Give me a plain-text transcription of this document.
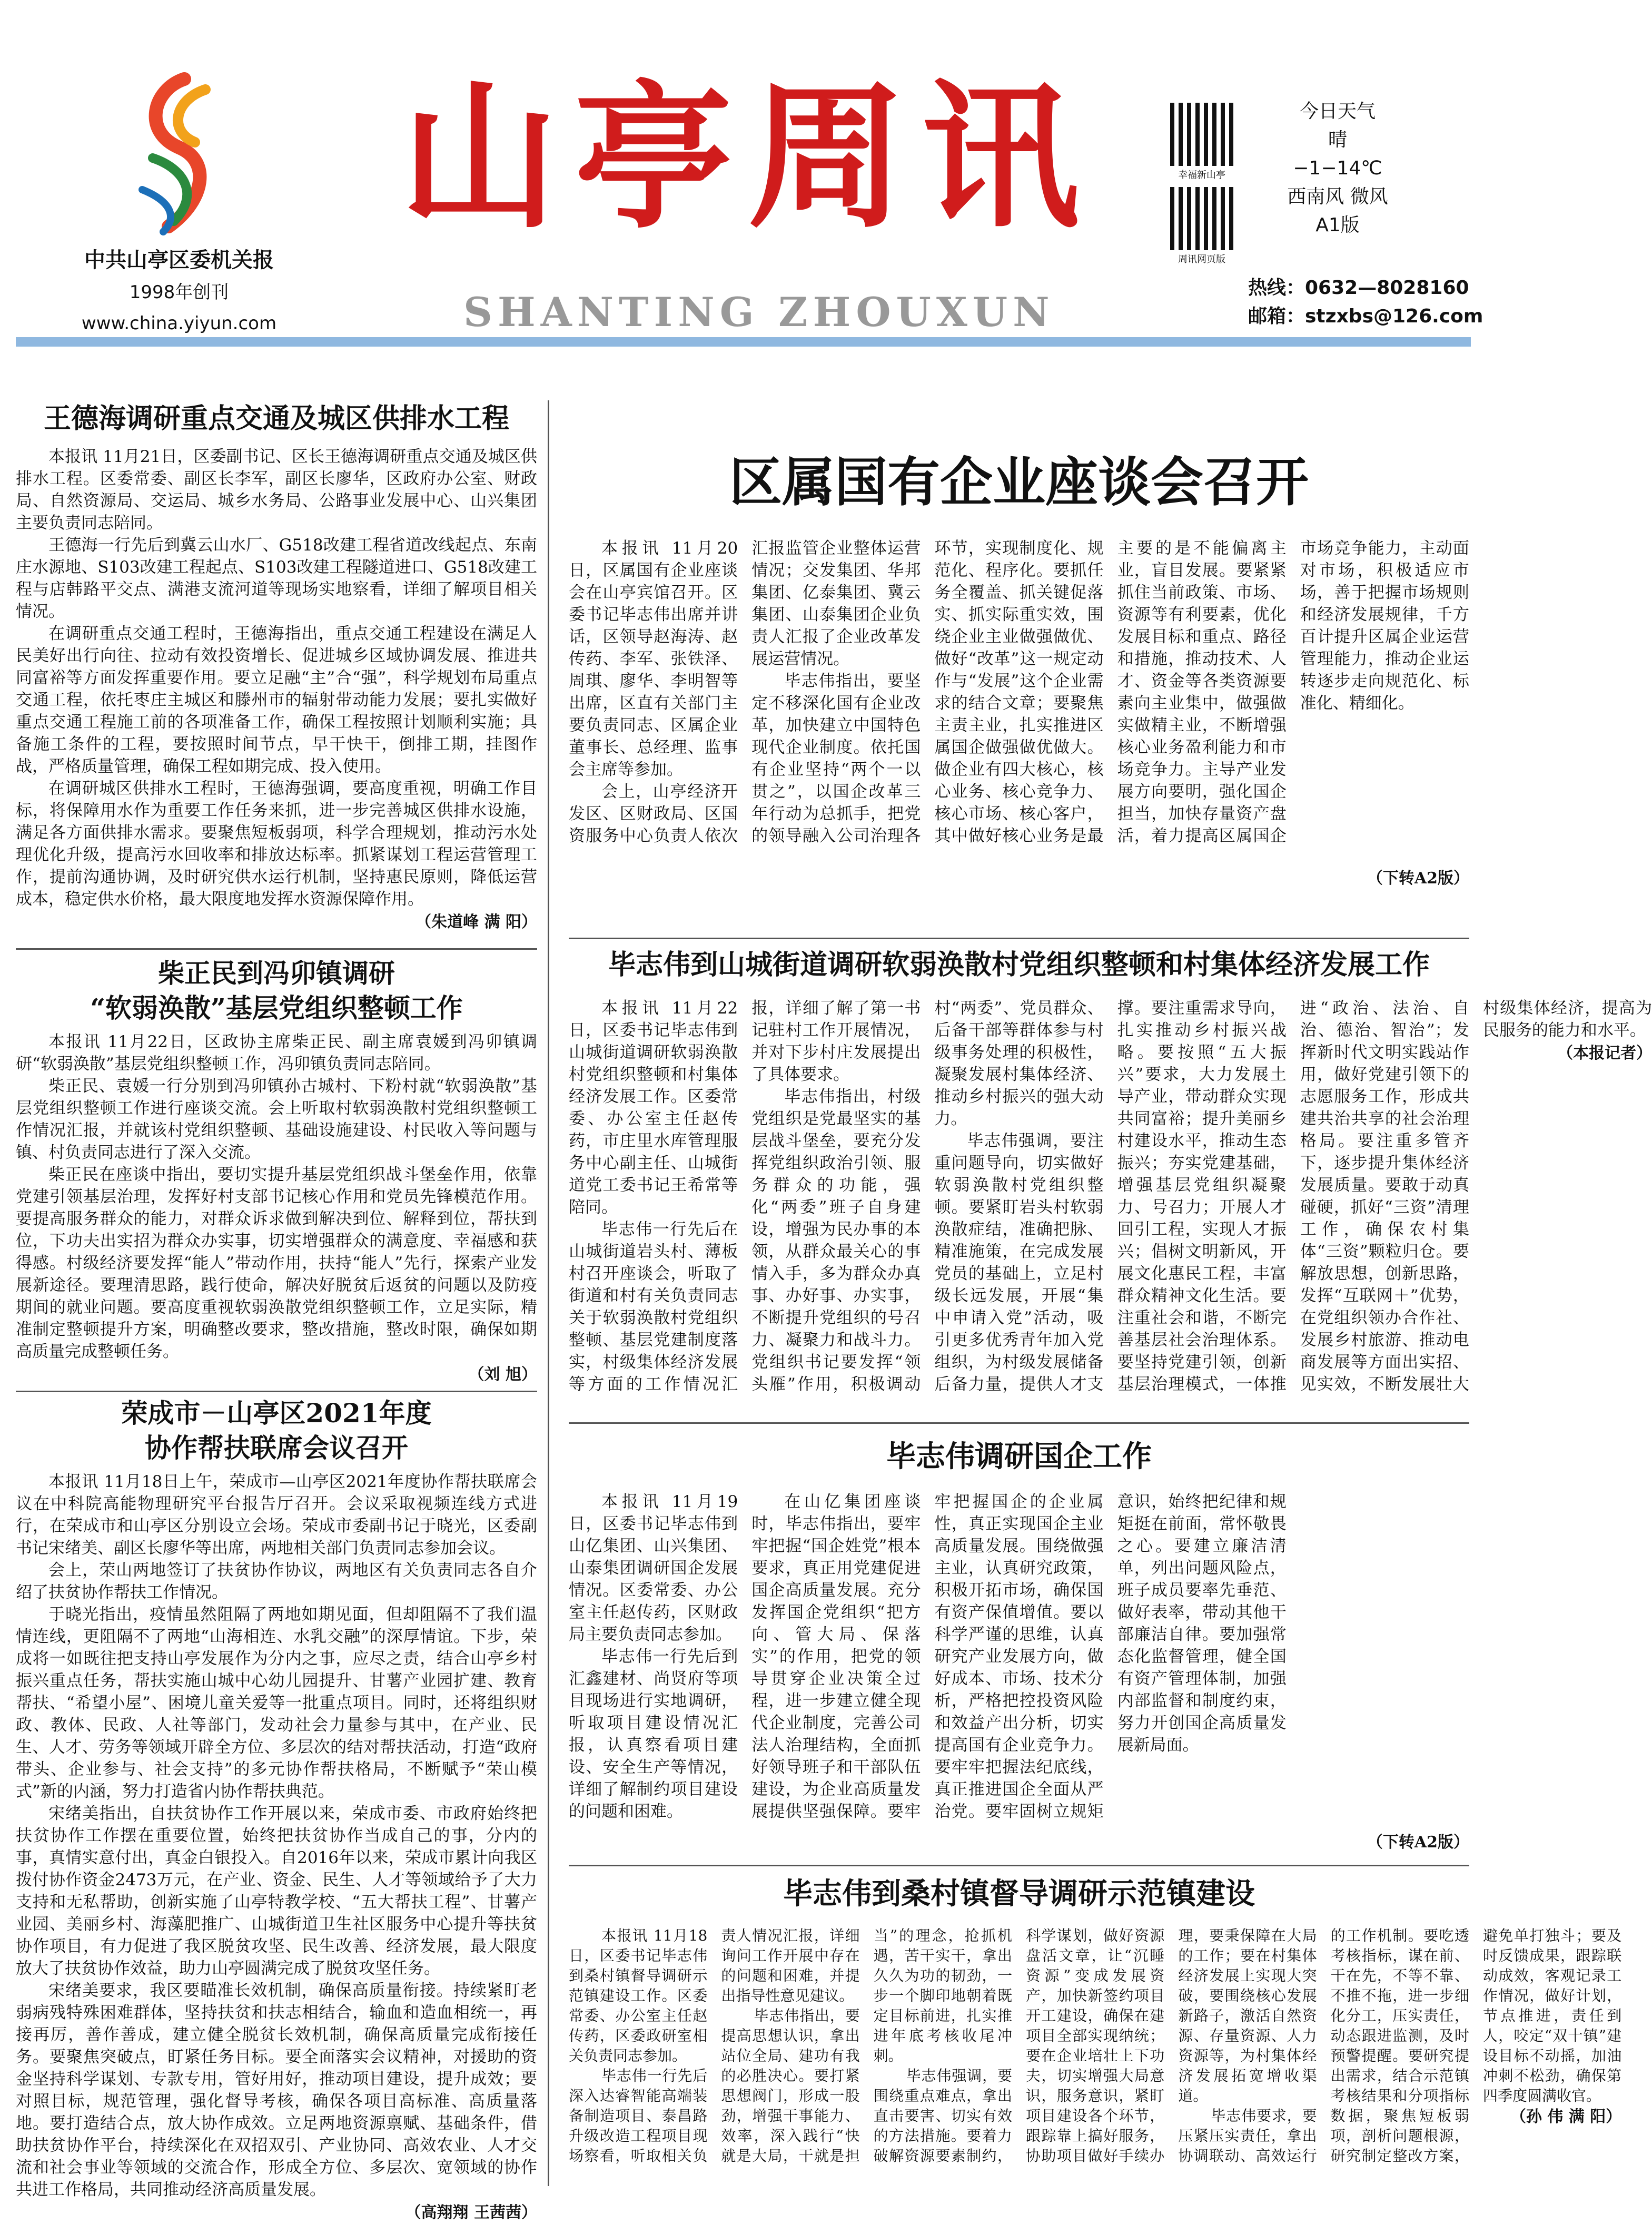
中共山亭区委机关报
1998年创刊
www.china.yiyun.com
山亭周讯
SHANTING ZHOUXUN
幸福新山亭
周讯网页版
今日天气
晴
−1−14℃
西南风 微风
A1版
热线：0632—8028160
邮箱：stzxbs@126.com
王德海调研重点交通及城区供排水工程

本报讯 11月21日，区委副书记、区长王德海调研重点交通及城区供排水工程。区委常委、副区长李军，副区长廖华，区政府办公室、财政局、自然资源局、交运局、城乡水务局、公路事业发展中心、山兴集团主要负责同志陪同。

王德海一行先后到冀云山水厂、G518改建工程省道改线起点、东南庄水源地、S103改建工程起点、S103改建工程隧道进口、G518改建工程与店韩路平交点、满港支流河道等现场实地察看，详细了解项目相关情况。

在调研重点交通工程时，王德海指出，重点交通工程建设在满足人民美好出行向往、拉动有效投资增长、促进城乡区域协调发展、推进共同富裕等方面发挥重要作用。要立足融“主”合“强”，科学规划布局重点交通工程，依托枣庄主城区和滕州市的辐射带动能力发展；要扎实做好重点交通工程施工前的各项准备工作，确保工程按照计划顺利实施；具备施工条件的工程，要按照时间节点，早干快干，倒排工期，挂图作战，严格质量管理，确保工程如期完成、投入使用。

在调研城区供排水工程时，王德海强调，要高度重视，明确工作目标，将保障用水作为重要工作任务来抓，进一步完善城区供排水设施，满足各方面供排水需求。要聚焦短板弱项，科学合理规划，推动污水处理优化升级，提高污水回收率和排放达标率。抓紧谋划工程运营管理工作，提前沟通协调，及时研究供水运行机制，坚持惠民原则，降低运营成本，稳定供水价格，最大限度地发挥水资源保障作用。

（朱道峰 满 阳）
柴正民到冯卯镇调研
“软弱涣散”基层党组织整顿工作

本报讯 11月22日，区政协主席柴正民、副主席袁媛到冯卯镇调研“软弱涣散”基层党组织整顿工作，冯卯镇负责同志陪同。

柴正民、袁媛一行分别到冯卯镇孙古城村、下粉村就“软弱涣散”基层党组织整顿工作进行座谈交流。会上听取村软弱涣散村党组织整顿工作情况汇报，并就该村党组织整顿、基础设施建设、村民收入等问题与镇、村负责同志进行了深入交流。

柴正民在座谈中指出，要切实提升基层党组织战斗堡垒作用，依靠党建引领基层治理，发挥好村支部书记核心作用和党员先锋模范作用。要提高服务群众的能力，对群众诉求做到解决到位、解释到位，帮扶到位，下功夫出实招为群众办实事，切实增强群众的满意度、幸福感和获得感。村级经济要发挥“能人”带动作用，扶持“能人”先行，探索产业发展新途径。要理清思路，践行使命，解决好脱贫后返贫的问题以及防疫期间的就业问题。要高度重视软弱涣散党组织整顿工作，立足实际，精准制定整顿提升方案，明确整改要求，整改措施，整改时限，确保如期高质量完成整顿任务。

（刘 旭）
荣成市－山亭区2021年度
协作帮扶联席会议召开

本报讯 11月18日上午，荣成市—山亭区2021年度协作帮扶联席会议在中科院高能物理研究平台报告厅召开。会议采取视频连线方式进行，在荣成市和山亭区分别设立会场。荣成市委副书记于晓光，区委副书记宋绪美、副区长廖华等出席，两地相关部门负责同志参加会议。

会上，荣山两地签订了扶贫协作协议，两地区有关负责同志各自介绍了扶贫协作帮扶工作情况。

于晓光指出，疫情虽然阻隔了两地如期见面，但却阻隔不了我们温情连线，更阻隔不了两地“山海相连、水乳交融”的深厚情谊。下步，荣成将一如既往把支持山亭发展作为分内之事，应尽之责，结合山亭乡村振兴重点任务，帮扶实施山城中心幼儿园提升、甘薯产业园扩建、教育帮扶、“希望小屋”、困境儿童关爱等一批重点项目。同时，还将组织财政、教体、民政、人社等部门，发动社会力量参与其中，在产业、民生、人才、劳务等领域开辟全方位、多层次的结对帮扶活动，打造“政府带头、企业参与、社会支持”的多元协作帮扶格局，不断赋予“荣山模式”新的内涵，努力打造省内协作帮扶典范。

宋绪美指出，自扶贫协作工作开展以来，荣成市委、市政府始终把扶贫协作工作摆在重要位置，始终把扶贫协作当成自己的事，分内的事，真情实意付出，真金白银投入。自2016年以来，荣成市累计向我区拨付协作资金2473万元，在产业、资金、民生、人才等领域给予了大力支持和无私帮助，创新实施了山亭特教学校、“五大帮扶工程”、甘薯产业园、美丽乡村、海藻肥推广、山城街道卫生社区服务中心提升等扶贫协作项目，有力促进了我区脱贫攻坚、民生改善、经济发展，最大限度放大了扶贫协作效益，助力山亭圆满完成了脱贫攻坚任务。

宋绪美要求，我区要瞄准长效机制，确保高质量衔接。持续紧盯老弱病残特殊困难群体，坚持扶贫和扶志相结合，输血和造血相统一，再接再厉，善作善成，建立健全脱贫长效机制，确保高质量完成衔接任务。要聚焦突破点，盯紧任务目标。要全面落实会议精神，对援助的资金坚持科学谋划、专款专用，管好用好，推动项目建设，提升成效；要对照目标，规范管理，强化督导考核，确保各项目高标准、高质量落地。要打造结合点，放大协作成效。立足两地资源禀赋、基础条件，借助扶贫协作平台，持续深化在双招双引、产业协同、高效农业、人才交流和社会事业等领域的交流合作，形成全方位、多层次、宽领域的协作共进工作格局，共同推动经济高质量发展。

（高翔翔 王茜茜）
区属国有企业座谈会召开

本报讯 11月20日，区属国有企业座谈会在山亭宾馆召开。区委书记毕志伟出席并讲话，区领导赵海涛、赵传药、李军、张铁泽、周琪、廖华、李明智等出席，区直有关部门主要负责同志、区属企业董事长、总经理、监事会主席等参加。

会上，山亭经济开发区、区财政局、区国资服务中心负责人依次汇报监管企业整体运营情况；交发集团、华邦集团、亿泰集团、冀云集团、山泰集团企业负责人汇报了企业改革发展运营情况。

毕志伟指出，要坚定不移深化国有企业改革，加快建立中国特色现代企业制度。依托国有企业坚持“两个一以贯之”，以国企改革三年行动为总抓手，把党的领导融入公司治理各环节，实现制度化、规范化、程序化。要抓任务全覆盖、抓关键促落实、抓实际重实效，围绕企业主业做强做优、做好“改革”这一规定动作与“发展”这个企业需求的结合文章；要聚焦主责主业，扎实推进区属国企做强做优做大。做企业有四大核心，核心业务、核心竞争力、核心市场、核心客户，其中做好核心业务是最主要的是不能偏离主业，盲目发展。要紧紧抓住当前政策、市场、资源等有利要素，优化发展目标和重点、路径和措施，推动技术、人才、资金等各类资源要素向主业集中，做强做实做精主业，不断增强核心业务盈利能力和市场竞争力。主导产业发展方向要明，强化国企担当，加快存量资产盘活，着力提高区属国企市场竞争能力，主动面对市场，积极适应市场，善于把握市场规则和经济发展规律，千方百计提升区属企业运营管理能力，推动企业运转逐步走向规范化、标准化、精细化。

（下转A2版）
毕志伟到山城街道调研软弱涣散村党组织整顿和村集体经济发展工作

本报讯 11月22日，区委书记毕志伟到山城街道调研软弱涣散村党组织整顿和村集体经济发展工作。区委常委、办公室主任赵传药，市庄里水库管理服务中心副主任、山城街道党工委书记王希常等陪同。

毕志伟一行先后在山城街道岩头村、薄板村召开座谈会，听取了街道和村有关负责同志关于软弱涣散村党组织整顿、基层党建制度落实，村级集体经济发展等方面的工作情况汇报，详细了解了第一书记驻村工作开展情况，并对下步村庄发展提出了具体要求。

毕志伟指出，村级党组织是党最坚实的基层战斗堡垒，要充分发挥党组织政治引领、服务群众的功能，强化“两委”班子自身建设，增强为民办事的本领，从群众最关心的事情入手，多为群众办真事、办好事、办实事，不断提升党组织的号召力、凝聚力和战斗力。党组织书记要发挥“领头雁”作用，积极调动村“两委”、党员群众、后备干部等群体参与村级事务处理的积极性，凝聚发展村集体经济、推动乡村振兴的强大动力。

毕志伟强调，要注重问题导向，切实做好软弱涣散村党组织整顿。要紧盯岩头村软弱涣散症结，准确把脉、精准施策，在完成发展党员的基础上，立足村级长远发展，开展“集中申请入党”活动，吸引更多优秀青年加入党组织，为村级发展储备后备力量，提供人才支撑。要注重需求导向，扎实推动乡村振兴战略。要按照“五大振兴”要求，大力发展土导产业，带动群众实现共同富裕；提升美丽乡村建设水平，推动生态振兴；夯实党建基础，增强基层党组织凝聚力、号召力；开展人才回引工程，实现人才振兴；倡树文明新风，开展文化惠民工程，丰富群众精神文化生活。要注重社会和谐，不断完善基层社会治理体系。要坚持党建引领，创新基层治理模式，一体推进“政治、法治、自治、德治、智治”；发挥新时代文明实践站作用，做好党建引领下的志愿服务工作，形成共建共治共享的社会治理格局。要注重多管齐下，逐步提升集体经济发展质量。要敢于动真碰硬，抓好“三资”清理工作，确保农村集体“三资”颗粒归仓。要解放思想，创新思路，发挥“互联网＋”优势，在党组织领办合作社、发展乡村旅游、推动电商发展等方面出实招、见实效，不断发展壮大村级集体经济，提高为民服务的能力和水平。

（本报记者）
毕志伟调研国企工作

本报讯 11月19日，区委书记毕志伟到山亿集团、山兴集团、山泰集团调研国企发展情况。区委常委、办公室主任赵传药，区财政局主要负责同志参加。

毕志伟一行先后到汇鑫建材、尚贤府等项目现场进行实地调研，听取项目建设情况汇报，认真察看项目建设、安全生产等情况，详细了解制约项目建设的问题和困难。

在山亿集团座谈时，毕志伟指出，要牢牢把握“国企姓党”根本要求，真正用党建促进国企高质量发展。充分发挥国企党组织“把方向、管大局、保落实”的作用，把党的领导贯穿企业决策全过程，进一步建立健全现代企业制度，完善公司法人治理结构，全面抓好领导班子和干部队伍建设，为企业高质量发展提供坚强保障。要牢牢把握国企的企业属性，真正实现国企主业高质量发展。围绕做强主业，认真研究政策，积极开拓市场，确保国有资产保值增值。要以科学严谨的思维，认真研究产业发展方向，做好成本、市场、技术分析，严格把控投资风险和效益产出分析，切实提高国有企业竞争力。要牢牢把握法纪底线，真正推进国企全面从严治党。要牢固树立规矩意识，始终把纪律和规矩挺在前面，常怀敬畏之心。要建立廉洁清单，列出问题风险点，班子成员要率先垂范、做好表率，带动其他干部廉洁自律。要加强常态化监督管理，健全国有资产管理体制，加强内部监督和制度约束，努力开创国企高质量发展新局面。

（下转A2版）
毕志伟到桑村镇督导调研示范镇建设

本报讯 11月18日，区委书记毕志伟到桑村镇督导调研示范镇建设工作。区委常委、办公室主任赵传药，区委政研室相关负责同志参加。

毕志伟一行先后深入达睿智能高端装备制造项目、泰昌路升级改造工程项目现场察看，听取相关负责人情况汇报，详细询问工作开展中存在的问题和困难，并提出指导性意见建议。

毕志伟指出，要提高思想认识，拿出站位全局、建功有我的必胜决心。要打紧思想阀门，形成一股劲，增强干事能力、效率，深入践行“快就是大局，干就是担当”的理念，抢抓机遇，苦干实干，拿出久久为功的韧劲，一步一个脚印地朝着既定目标前进，扎实推进年底考核收尾冲刺。

毕志伟强调，要围绕重点难点，拿出直击要害、切实有效的方法措施。要着力破解资源要素制约，科学谋划，做好资源盘活文章，让“沉睡资源”变成发展资产，加快新签约项目开工建设，确保在建项目全部实现纳统；要在企业培壮上下功夫，切实增强大局意识，服务意识，紧盯项目建设各个环节，跟踪靠上搞好服务，协助项目做好手续办理，要秉保障在大局的工作；要在村集体经济发展上实现大突破，要围绕核心发展新路子，激活自然资源、存量资源、人力资源等，为村集体经济发展拓宽增收渠道。

毕志伟要求，要压紧压实责任，拿出协调联动、高效运行的工作机制。要吃透考核指标，谋在前、干在先，不等不靠、不推不拖，进一步细化分工，压实责任，动态跟进监测，及时预警提醒。要研究提出需求，结合示范镇考核结果和分项指标数据，聚焦短板弱项，剖析问题根源，研究制定整改方案，避免单打独斗；要及时反馈成果，跟踪联动成效，客观记录工作情况，做好计划，节点推进，责任到人，咬定“双十镇”建设目标不动摇，加油冲刺不松劲，确保第四季度圆满收官。

（孙 伟 满 阳）
